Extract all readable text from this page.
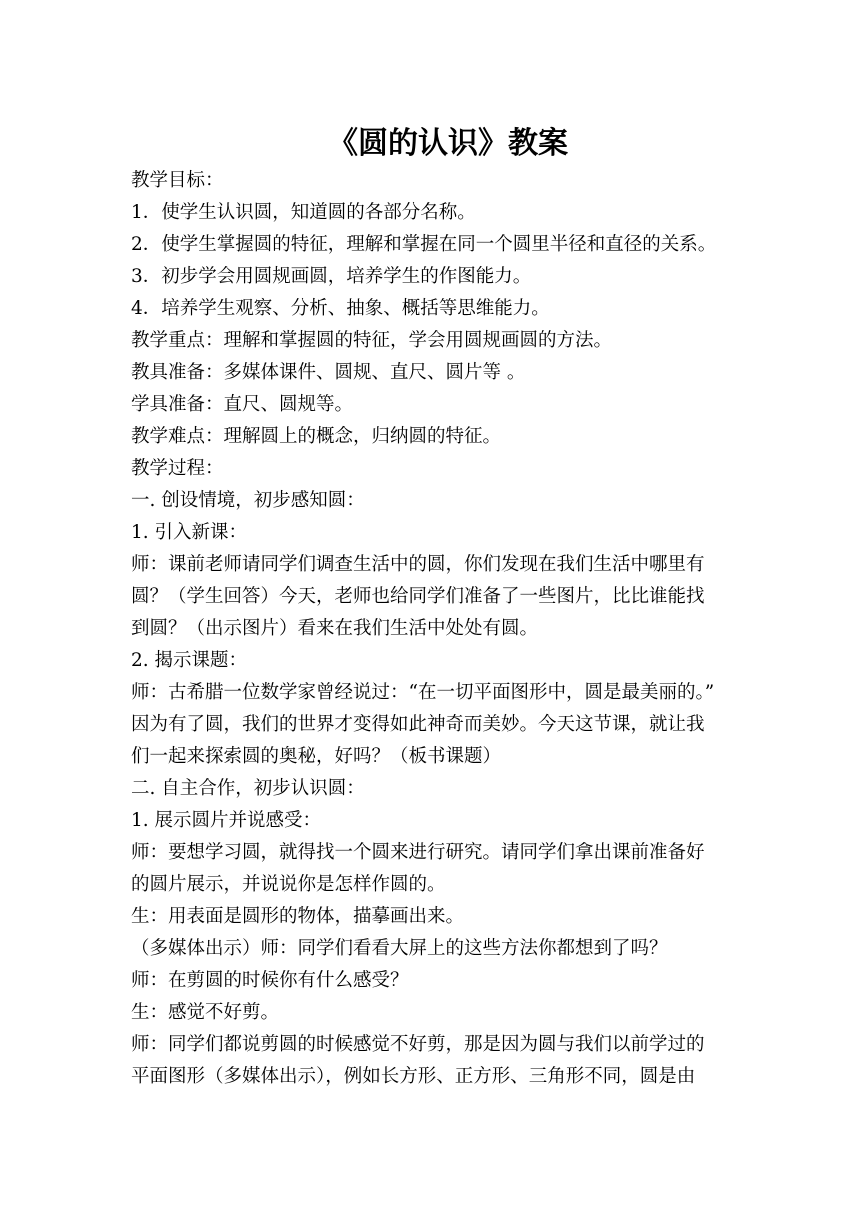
《圆的认识》教案
教学目标：
1．使学生认识圆，知道圆的各部分名称。
2．使学生掌握圆的特征，理解和掌握在同一个圆里半径和直径的关系。
3．初步学会用圆规画圆，培养学生的作图能力。
4．培养学生观察、分析、抽象、概括等思维能力。
教学重点：理解和掌握圆的特征，学会用圆规画圆的方法。
教具准备：多媒体课件、圆规、直尺、圆片等 。
学具准备：直尺、圆规等。
教学难点：理解圆上的概念，归纳圆的特征。
教学过程：
一. 创设情境，初步感知圆：
1. 引入新课：
师：课前老师请同学们调查生活中的圆，你们发现在我们生活中哪里有
圆？（学生回答）今天，老师也给同学们准备了一些图片，比比谁能找
到圆？（出示图片）看来在我们生活中处处有圆。
2. 揭示课题：
师：古希腊一位数学家曾经说过：“在一切平面图形中，圆是最美丽的。”
因为有了圆，我们的世界才变得如此神奇而美妙。今天这节课，就让我
们一起来探索圆的奥秘，好吗？（板书课题）
二. 自主合作，初步认识圆：
1. 展示圆片并说感受：
师：要想学习圆，就得找一个圆来进行研究。请同学们拿出课前准备好
的圆片展示，并说说你是怎样作圆的。
生：用表面是圆形的物体，描摹画出来。
（多媒体出示）师：同学们看看大屏上的这些方法你都想到了吗？
师：在剪圆的时候你有什么感受？
生：感觉不好剪。
师：同学们都说剪圆的时候感觉不好剪，那是因为圆与我们以前学过的
平面图形（多媒体出示），例如长方形、正方形、三角形不同，圆是由
